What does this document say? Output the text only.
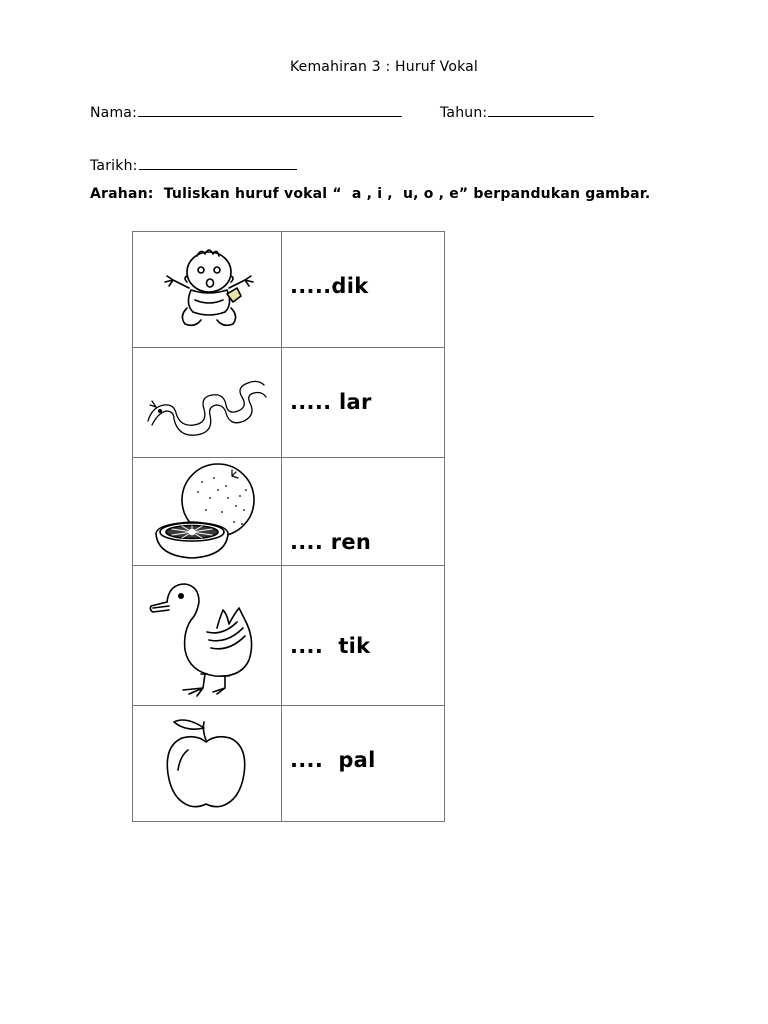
Kemahiran 3 : Huruf Vokal
Nama:	Tahun:
Tarikh:
Arahan:  Tuliskan huruf vokal “  a , i ,  u, o , e” berpandukan gambar.

.....dik

..... lar

.... ren

....  tik

....  pal
